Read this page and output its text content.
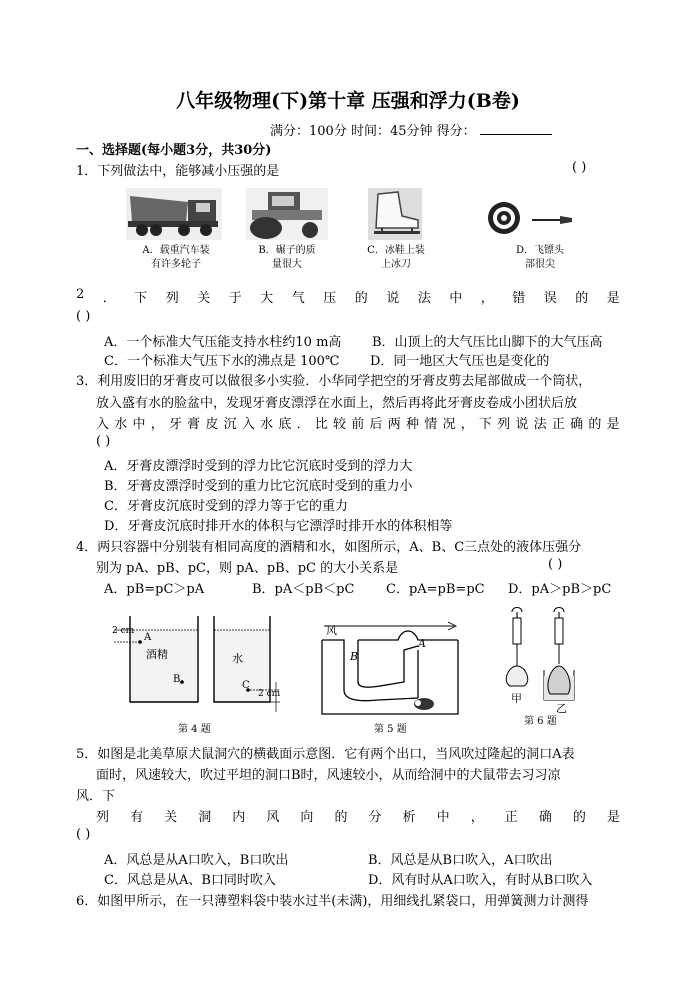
八年级物理(下)第十章 压强和浮力(B卷)
满分：100分 时间：45分钟 得分：
一、选择题(每小题3分，共30分)
1．下列做法中，能够减小压强的是	( )
A．载重汽车装
有许多轮子
B．碾子的质
量很大
C．冰鞋上装
上冰刀
D．飞镖头
部很尖
2 ． 下 列 关 于 大 气 压 的 说 法 中 ， 错 误 的 是
( )
A．一个标准大气压能支持水柱约10 m高 B．山顶上的大气压比山脚下的大气压高
C．一个标准大气压下水的沸点是 100℃ D．同一地区大气压也是变化的
3．利用废旧的牙膏皮可以做很多小实验．小华同学把空的牙膏皮剪去尾部做成一个筒状，
放入盛有水的脸盆中，发现牙膏皮漂浮在水面上，然后再将此牙膏皮卷成小团状后放
入 水 中 ， 牙 膏 皮 沉 入 水 底 ． 比 较 前 后 两 种 情 况 ， 下 列 说 法 正 确 的 是
( )
A．牙膏皮漂浮时受到的浮力比它沉底时受到的浮力大
B．牙膏皮漂浮时受到的重力比它沉底时受到的重力小
C．牙膏皮沉底时受到的浮力等于它的重力
D．牙膏皮沉底时排开水的体积与它漂浮时排开水的体积相等
4．两只容器中分别装有相同高度的酒精和水，如图所示，A、B、C三点处的液体压强分
别为 pA、pB、pC，则 pA、pB、pC 的大小关系是	( )
A．pB=pC＞pA	B．pA＜pB＜pC C．pA=pB=pC D．pA＞pB＞pC
2 cm
2 cm
酒精	水
A
B
C
第 4 题
风
A
B
第 5 题
甲
乙
第 6 题
5．如图是北美草原犬鼠洞穴的横截面示意图．它有两个出口，当风吹过隆起的洞口A表
面时，风速较大，吹过平坦的洞口B时，风速较小，从而给洞中的犬鼠带去习习凉
风．下
列 有 关 洞 内 风 向 的 分 析 中 ， 正 确 的 是
( )
A．风总是从A口吹入，B口吹出	B．风总是从B口吹入，A口吹出
C．风总是从A、B口同时吹入	D．风有时从A口吹入，有时从B口吹入
6．如图甲所示，在一只薄塑料袋中装水过半(未满)，用细线扎紧袋口，用弹簧测力计测得
